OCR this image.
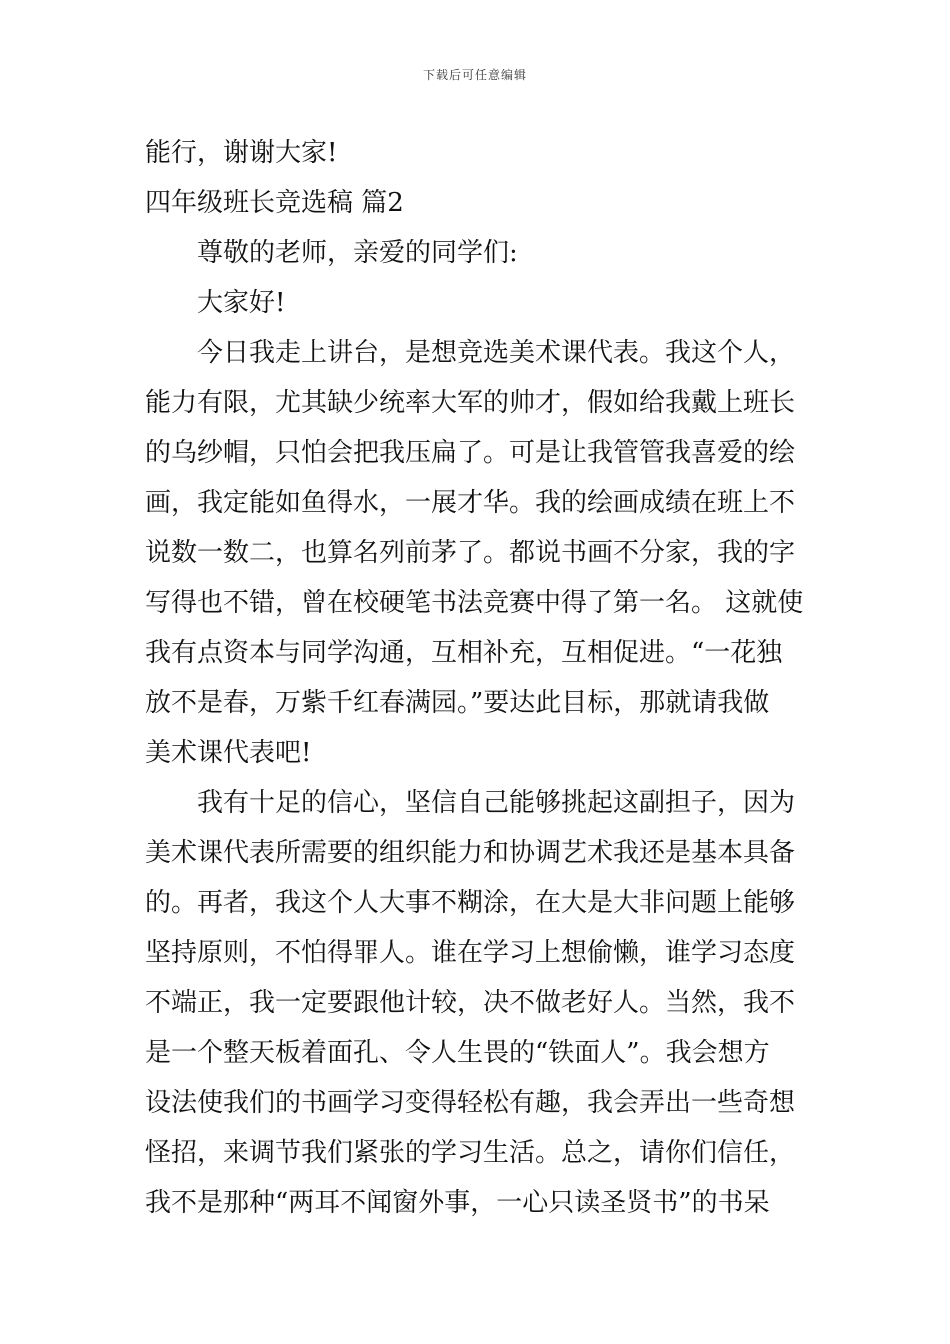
下载后可任意编辑
能行，谢谢大家!
四年级班长竞选稿 篇2
尊敬的老师，亲爱的同学们:
大家好!
今日我走上讲台，是想竞选美术课代表。我这个人，
能力有限，尤其缺少统率大军的帅才，假如给我戴上班长
的乌纱帽，只怕会把我压扁了。可是让我管管我喜爱的绘
画，我定能如鱼得水，一展才华。我的绘画成绩在班上不
说数一数二，也算名列前茅了。都说书画不分家，我的字
写得也不错，曾在校硬笔书法竞赛中得了第一名。 这就使
我有点资本与同学沟通，互相补充，互相促进。“一花独
放不是春，万紫千红春满园。”要达此目标，那就请我做
美术课代表吧!
我有十足的信心，坚信自己能够挑起这副担子，因为
美术课代表所需要的组织能力和协调艺术我还是基本具备
的。再者，我这个人大事不糊涂，在大是大非问题上能够
坚持原则，不怕得罪人。谁在学习上想偷懒，谁学习态度
不端正，我一定要跟他计较，决不做老好人。当然，我不
是一个整天板着面孔、令人生畏的“铁面人”。我会想方
设法使我们的书画学习变得轻松有趣，我会弄出一些奇想
怪招，来调节我们紧张的学习生活。总之，请你们信任，
我不是那种“两耳不闻窗外事，一心只读圣贤书”的书呆
